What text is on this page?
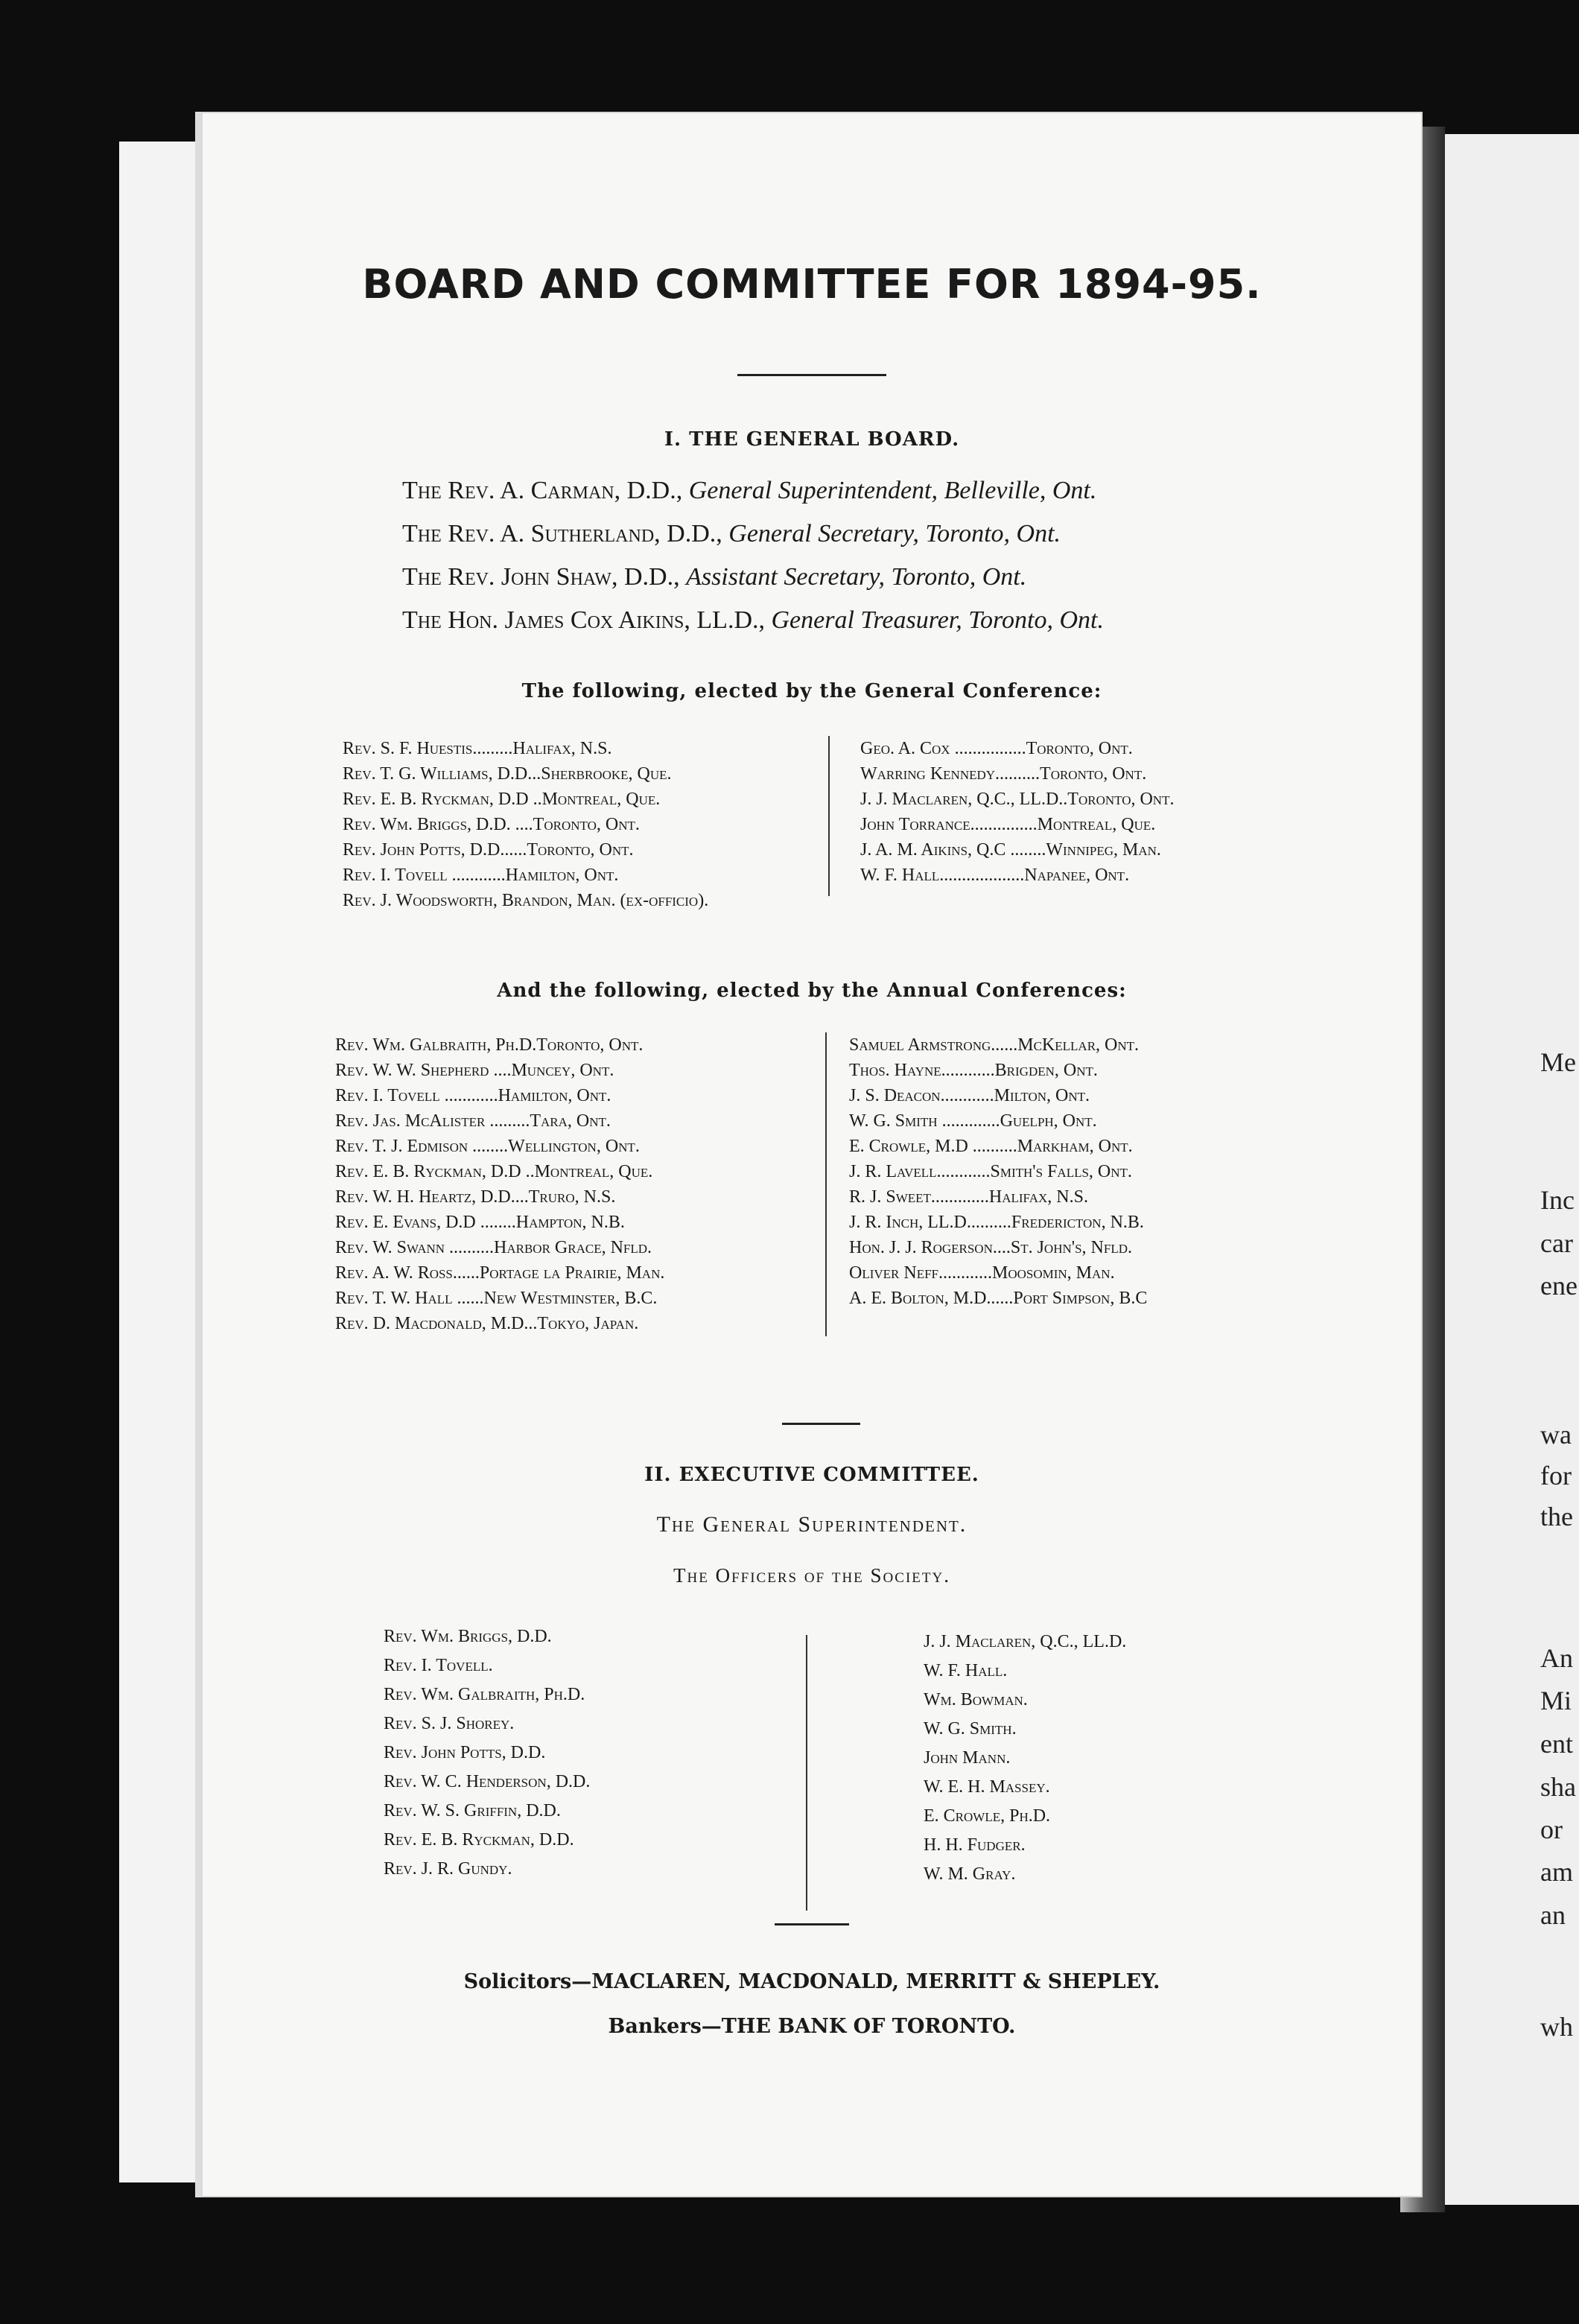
Me
Inc
car
ene
wa
for
the
An
Mi
ent
sha
or
am
an
wh
BOARD AND COMMITTEE FOR 1894-95.
I. THE GENERAL BOARD.
The Rev. A. Carman, D.D., General Superintendent, Belleville, Ont.
The Rev. A. Sutherland, D.D., General Secretary, Toronto, Ont.
The Rev. John Shaw, D.D., Assistant Secretary, Toronto, Ont.
The Hon. James Cox Aikins, LL.D., General Treasurer, Toronto, Ont.
The following, elected by the General Conference:
Rev. S. F. Huestis.........Halifax, N.S.
Rev. T. G. Williams, D.D...Sherbrooke, Que.
Rev. E. B. Ryckman, D.D ..Montreal, Que.
Rev. Wm. Briggs, D.D. ....Toronto, Ont.
Rev. John Potts, D.D......Toronto, Ont.
Rev. I. Tovell ............Hamilton, Ont.
Rev. J. Woodsworth, Brandon, Man. (ex-officio).
Geo. A. Cox ................Toronto, Ont.
Warring Kennedy..........Toronto, Ont.
J. J. Maclaren, Q.C., LL.D..Toronto, Ont.
John Torrance...............Montreal, Que.
J. A. M. Aikins, Q.C ........Winnipeg, Man.
W. F. Hall...................Napanee, Ont.
And the following, elected by the Annual Conferences:
Rev. Wm. Galbraith, Ph.D.Toronto, Ont.
Rev. W. W. Shepherd ....Muncey, Ont.
Rev. I. Tovell ............Hamilton, Ont.
Rev. Jas. McAlister .........Tara, Ont.
Rev. T. J. Edmison ........Wellington, Ont.
Rev. E. B. Ryckman, D.D ..Montreal, Que.
Rev. W. H. Heartz, D.D....Truro, N.S.
Rev. E. Evans, D.D ........Hampton, N.B.
Rev. W. Swann ..........Harbor Grace, Nfld.
Rev. A. W. Ross......Portage la Prairie, Man.
Rev. T. W. Hall ......New Westminster, B.C.
Rev. D. Macdonald, M.D...Tokyo, Japan.
Samuel Armstrong......McKellar, Ont.
Thos. Hayne............Brigden, Ont.
J. S. Deacon............Milton, Ont.
W. G. Smith .............Guelph, Ont.
E. Crowle, M.D ..........Markham, Ont.
J. R. Lavell............Smith's Falls, Ont.
R. J. Sweet.............Halifax, N.S.
J. R. Inch, LL.D..........Fredericton, N.B.
Hon. J. J. Rogerson....St. John's, Nfld.
Oliver Neff............Moosomin, Man.
A. E. Bolton, M.D......Port Simpson, B.C
II. EXECUTIVE COMMITTEE.
The General Superintendent.
The Officers of the Society.
Rev. Wm. Briggs, D.D.
Rev. I. Tovell.
Rev. Wm. Galbraith, Ph.D.
Rev. S. J. Shorey.
Rev. John Potts, D.D.
Rev. W. C. Henderson, D.D.
Rev. W. S. Griffin, D.D.
Rev. E. B. Ryckman, D.D.
Rev. J. R. Gundy.
J. J. Maclaren, Q.C., LL.D.
W. F. Hall.
Wm. Bowman.
W. G. Smith.
John Mann.
W. E. H. Massey.
E. Crowle, Ph.D.
H. H. Fudger.
W. M. Gray.
Solicitors—MACLAREN, MACDONALD, MERRITT & SHEPLEY.
Bankers—THE BANK OF TORONTO.
